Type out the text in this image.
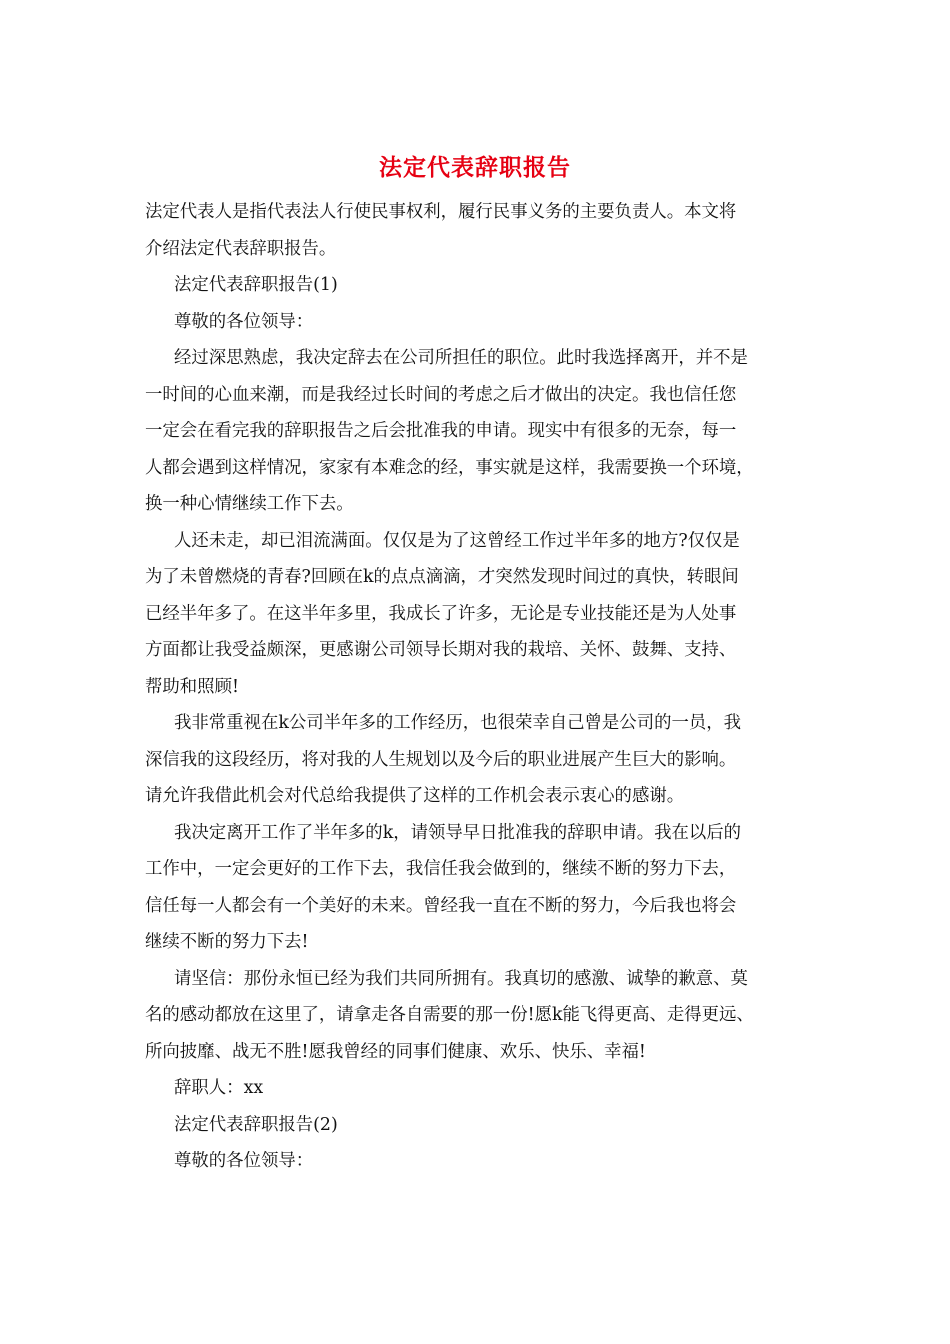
法定代表辞职报告
法定代表人是指代表法人行使民事权利，履行民事义务的主要负责人。本文将
介绍法定代表辞职报告。
法定代表辞职报告(1)
尊敬的各位领导：
经过深思熟虑，我决定辞去在公司所担任的职位。此时我选择离开，并不是
一时间的心血来潮，而是我经过长时间的考虑之后才做出的决定。我也信任您
一定会在看完我的辞职报告之后会批准我的申请。现实中有很多的无奈，每一
人都会遇到这样情况，家家有本难念的经，事实就是这样，我需要换一个环境，
换一种心情继续工作下去。
人还未走，却已泪流满面。仅仅是为了这曾经工作过半年多的地方?仅仅是
为了未曾燃烧的青春?回顾在k的点点滴滴，才突然发现时间过的真快，转眼间
已经半年多了。在这半年多里，我成长了许多，无论是专业技能还是为人处事
方面都让我受益颇深，更感谢公司领导长期对我的栽培、关怀、鼓舞、支持、
帮助和照顾!
我非常重视在k公司半年多的工作经历，也很荣幸自己曾是公司的一员，我
深信我的这段经历，将对我的人生规划以及今后的职业进展产生巨大的影响。
请允许我借此机会对代总给我提供了这样的工作机会表示衷心的感谢。
我决定离开工作了半年多的k，请领导早日批准我的辞职申请。我在以后的
工作中，一定会更好的工作下去，我信任我会做到的，继续不断的努力下去，
信任每一人都会有一个美好的未来。曾经我一直在不断的努力，今后我也将会
继续不断的努力下去!
请坚信：那份永恒已经为我们共同所拥有。我真切的感激、诚挚的歉意、莫
名的感动都放在这里了，请拿走各自需要的那一份!愿k能飞得更高、走得更远、
所向披靡、战无不胜!愿我曾经的同事们健康、欢乐、快乐、幸福!
辞职人：xx
法定代表辞职报告(2)
尊敬的各位领导：
